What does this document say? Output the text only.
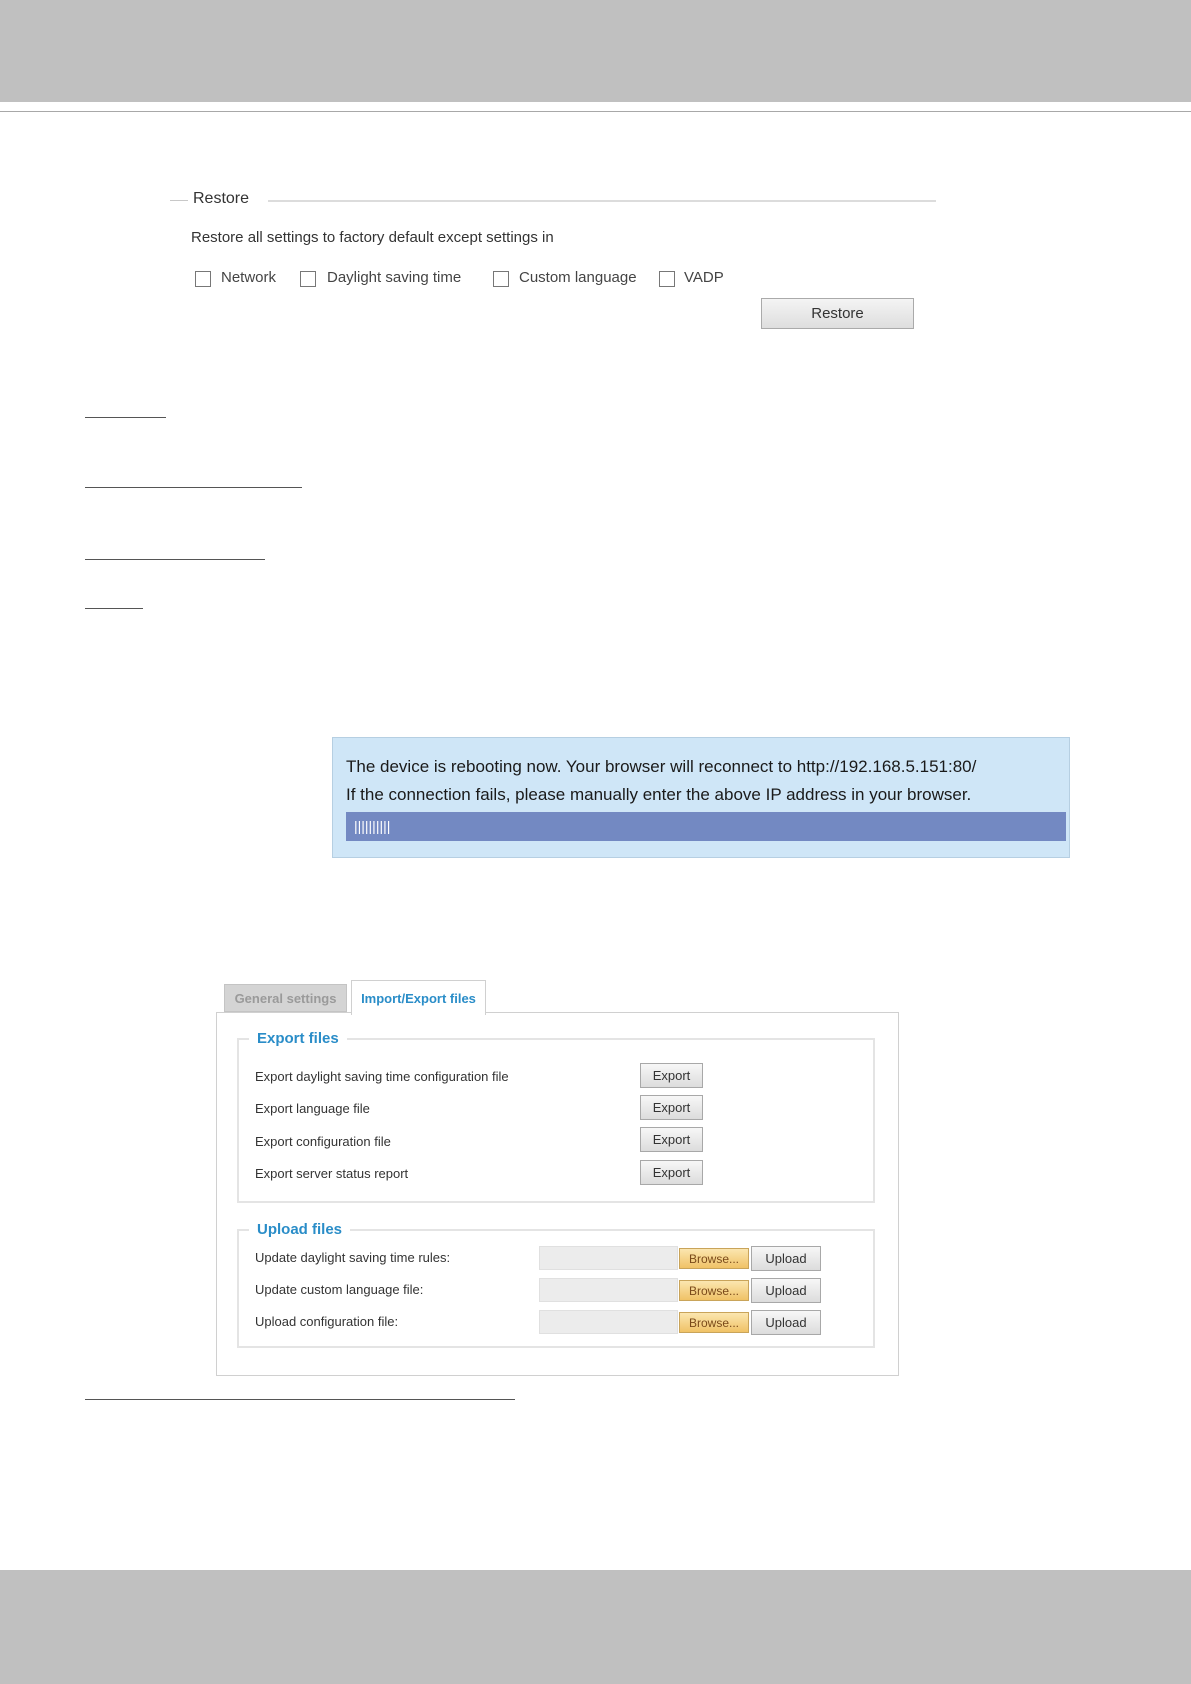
Restore
Restore all settings to factory default except settings in
Network	Daylight saving time	Custom language	VADP
Restore
The device is rebooting now. Your browser will reconnect to http://192.168.5.151:80/
If the connection fails, please manually enter the above IP address in your browser.
||||||||||
General settings	Import/Export files
Export files
Export daylight saving time configuration file	Export
Export language file	Export
Export configuration file	Export
Export server status report	Export
Upload files
Update daylight saving time rules:	Browse...	Upload
Update custom language file:	Browse...	Upload
Upload configuration file:	Browse...	Upload
